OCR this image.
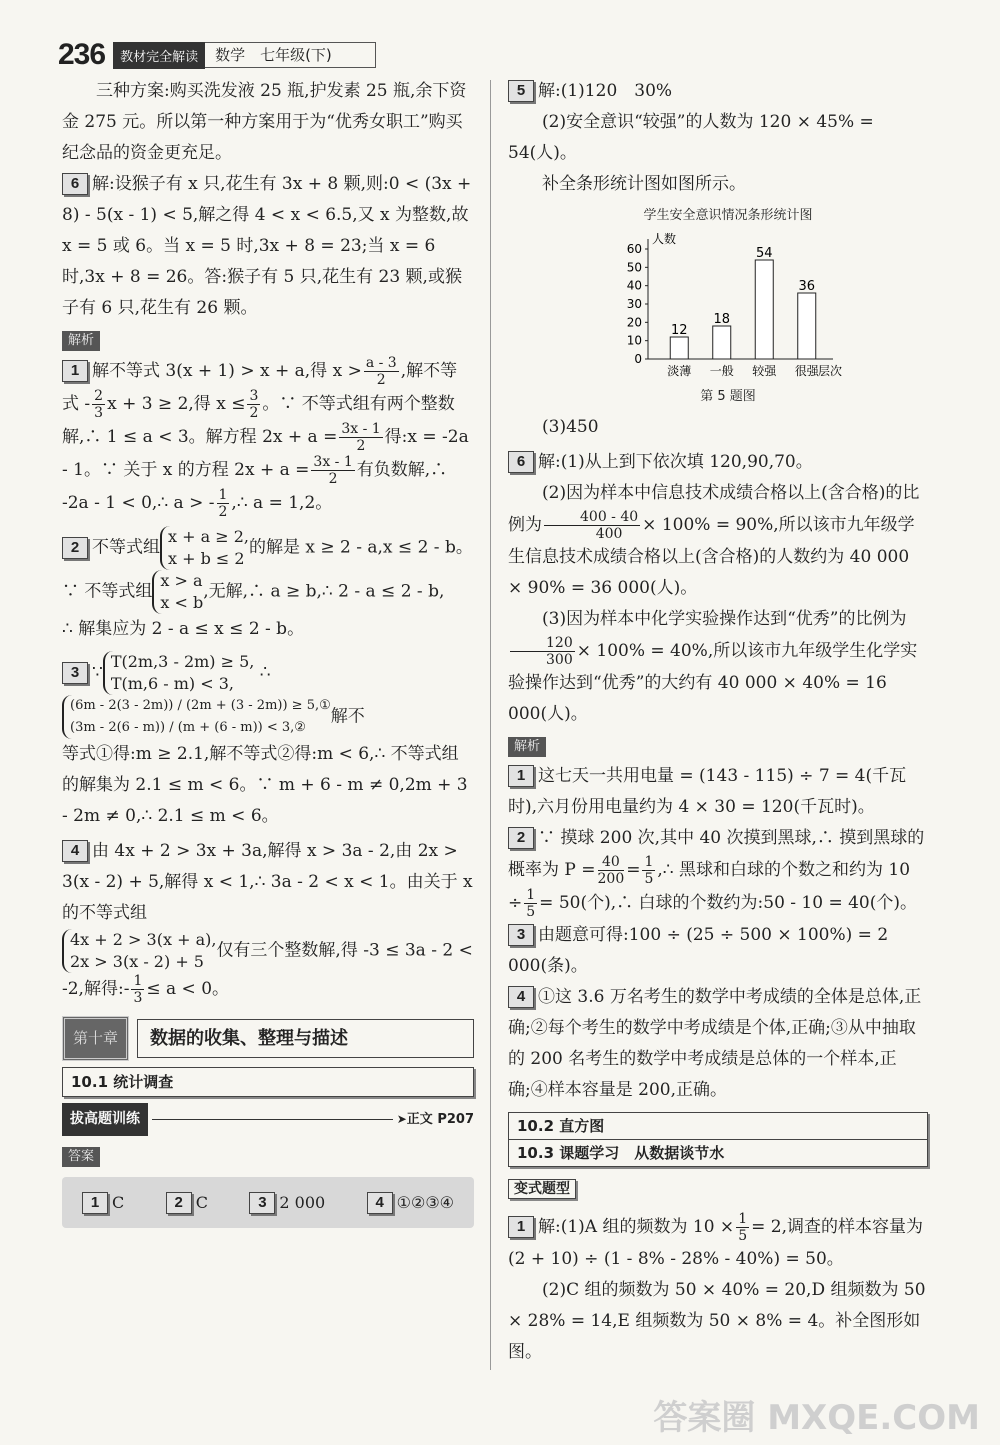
236	教材完全解读	数学　七年级(下)

三种方案:购买洗发液 25 瓶,护发素 25 瓶,余下资金 275 元。所以第一种方案用于为“优秀女职工”购买纪念品的资金更充足。

6 解:设猴子有 x 只,花生有 3x + 8 颗,则:0 < (3x + 8) - 5(x - 1) < 5,解之得 4 < x < 6.5,又 x 为整数,故 x = 5 或 6。当 x = 5 时,3x + 8 = 23;当 x = 6 时,3x + 8 = 26。答:猴子有 5 只,花生有 23 颗,或猴子有 6 只,花生有 26 颗。

解析

1 解不等式 3(x + 1) > x + a,得 $x > \frac{a - 3}{2}$ ,解不等式 - $\frac{2}{3}$ x + 3 ≥ 2,得 $x \le \frac{3}{2}$ 。∵ 不等式组有两个整数解,∴ 1 ≤ a < 3。解方程 $2x + a = \frac{3x - 1}{2}$ 得:x = -2a - 1。∵ 关于 x 的方程 $2x + a = \frac{3x - 1}{2}$ 有负数解,∴ -2a - 1 < 0,∴ a > - $\frac{1}{2}$ ,∴ a = 1,2。

2 不等式组x + a ≥ 2,
x + b ≤ 2的解是 x ≥ 2 - a,x ≤ 2 - b。
∵ 不等式组x > a
x < b,无解,∴ a ≥ b,∴ 2 - a ≤ 2 - b,
∴ 解集应为 2 - a ≤ x ≤ 2 - b。

3 ∵T(2m,3 - 2m) ≥ 5,
T(m,6 - m) < 3, ∴(6m - 2(3 - 2m)) / (2m + (3 - 2m)) ≥ 5,①
(3m - 2(6 - m)) / (m + (6 - m)) < 3,②解不
等式①得:m ≥ 2.1,解不等式②得:m < 6,∴ 不等式组的解集为 2.1 ≤ m < 6。∵ m + 6 - m ≠ 0,2m + 3 - 2m ≠ 0,∴ 2.1 ≤ m < 6。

4 由 4x + 2 > 3x + 3a,解得 x > 3a - 2,由 2x > 3(x - 2) + 5,解得 x < 1,∴ 3a - 2 < x < 1。由关于 x 的不等式组
4x + 2 > 3(x + a),
2x > 3(x - 2) + 5仅有三个整数解,得 -3 ≤ 3a - 2 < -2,解得:- $\frac{1}{3} \le a < 0$。

第十章	数据的收集、整理与描述
10.1 统计调查
拔高题训练	➤ 正文 P207
答案
1 C	2 C	3 2 000	4 ①②③④

5 解:(1)120　30%

(2)安全意识“较强”的人数为 120 × 45% = 54(人)。

补全条形统计图如图所示。

学生安全意识情况条形统计图
人数
层次
0
10
20
30
40
50
60
12
淡薄
18
一般
54
较强
36
很强
第 5 题图

(3)450

6 解:(1)从上到下依次填 120,90,70。

(2)因为样本中信息技术成绩合格以上(含合格)的比例为 $\frac{400 - 40}{400} \times 100\% = 90\%$,所以该市九年级学生信息技术成绩合格以上(含合格)的人数约为 40 000 × 90% = 36 000(人)。

(3)因为样本中化学实验操作达到“优秀”的比例为
$\frac{120}{300} \times 100\% = 40\%$,所以该市九年级学生化学实验操作达到“优秀”的大约有 40 000 × 40% = 16 000(人)。

解析

1 这七天一共用电量 = (143 - 115) ÷ 7 = 4(千瓦时),六月份用电量约为 4 × 30 = 120(千瓦时)。

2 ∵ 摸球 200 次,其中 40 次摸到黑球,∴ 摸到黑球的概率为 $P = \frac{40}{200} = \frac{1}{5}$ ,∴ 黑球和白球的个数之和约为 $10 \div \frac{1}{5} = 50$(个),∴ 白球的个数约为:50 - 10 = 40(个)。

3 由题意可得:100 ÷ (25 ÷ 500 × 100%) = 2 000(条)。

4 ①这 3.6 万名考生的数学中考成绩的全体是总体,正确;②每个考生的数学中考成绩是个体,正确;③从中抽取的 200 名考生的数学中考成绩是总体的一个样本,正确;④样本容量是 200,正确。

10.2 直方图
10.3 课题学习　从数据谈节水
变式题型

1 解:(1)A 组的频数为 $10 \times \frac{1}{5} = 2$,调查的样本容量为(2 + 10) ÷ (1 - 8% - 28% - 40%) = 50。

(2)C 组的频数为 50 × 40% = 20,D 组频数为 50 × 28% = 14,E 组频数为 50 × 8% = 4。补全图形如图。

答案圈 MXQE.COM
